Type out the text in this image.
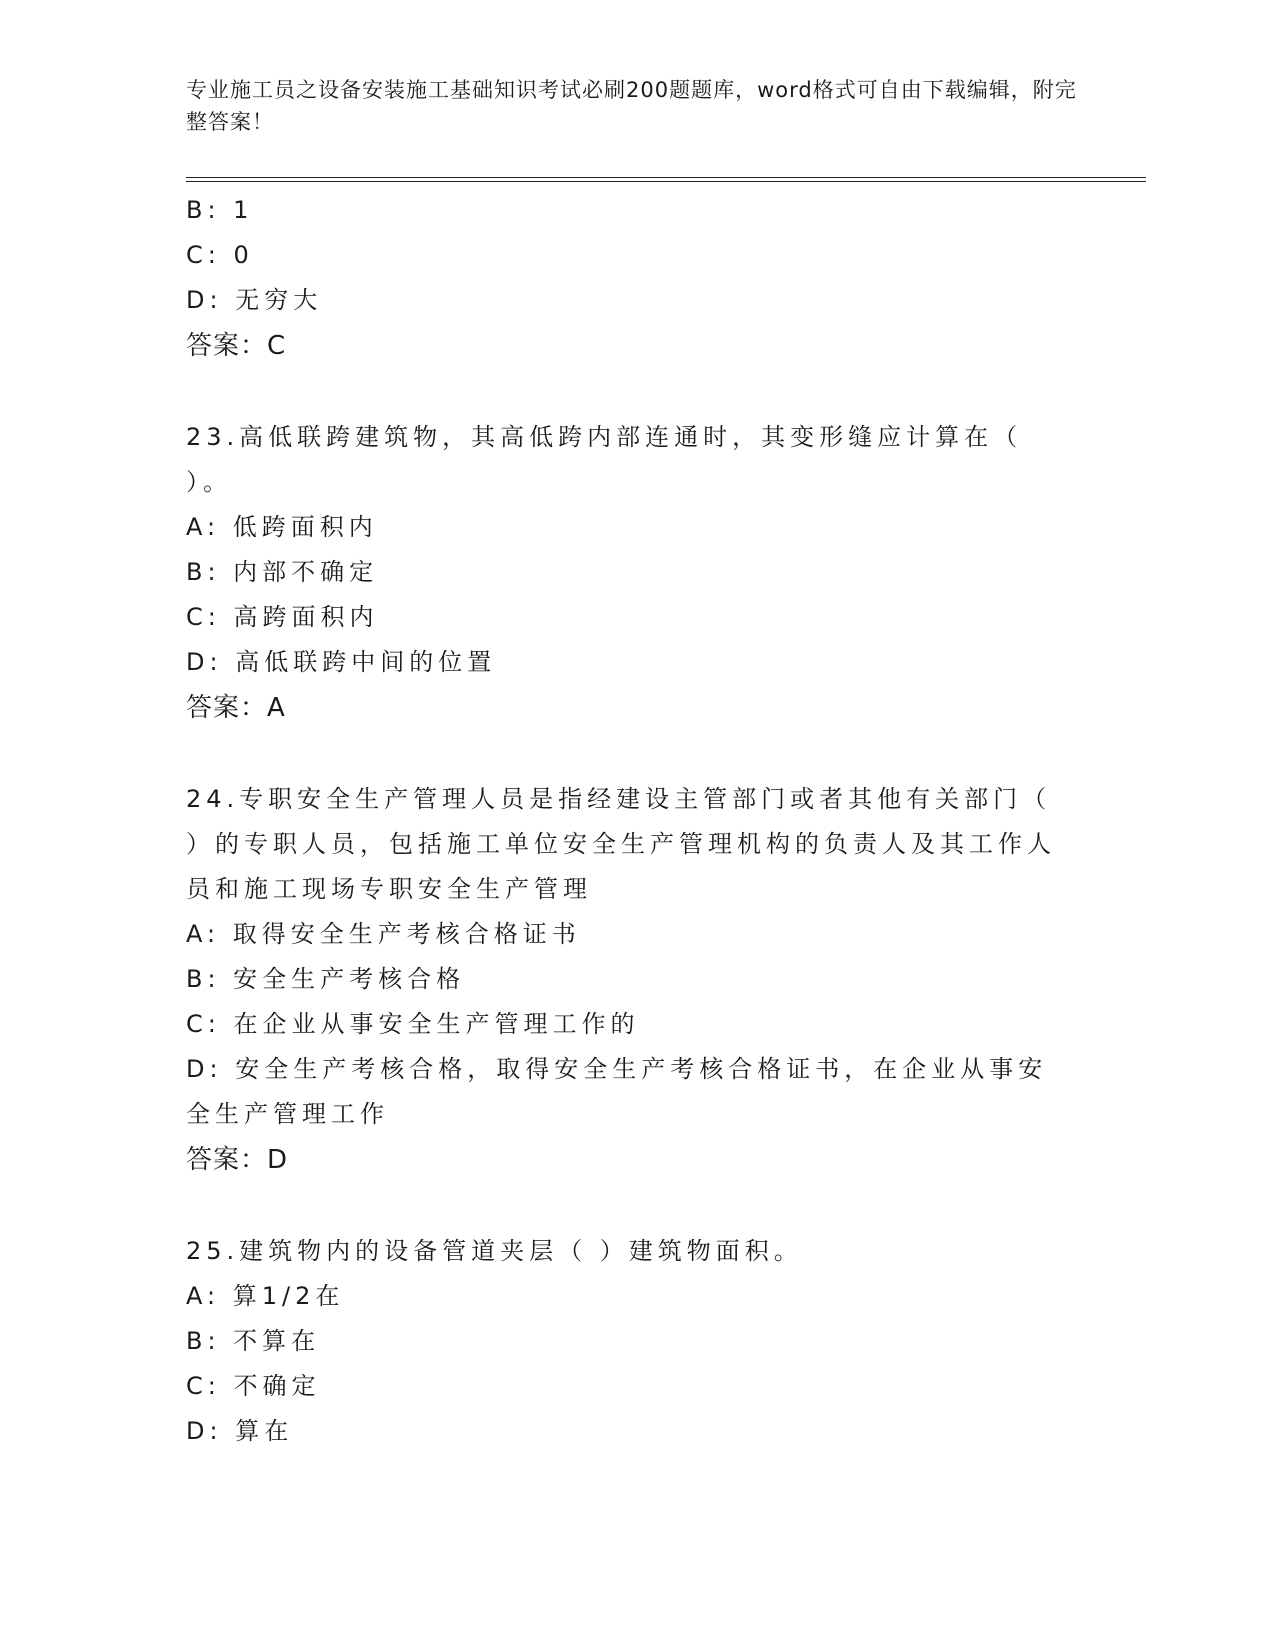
专业施工员之设备安装施工基础知识考试必刷200题题库，word格式可自由下载编辑，附完整答案！
B: 1
C: 0
D: 无穷大
答案：C
23.高低联跨建筑物，其高低跨内部连通时，其变形缝应计算在（ ）。
A: 低跨面积内
B: 内部不确定
C: 高跨面积内
D: 高低联跨中间的位置
答案：A
24.专职安全生产管理人员是指经建设主管部门或者其他有关部门（ ）的专职人员，包括施工单位安全生产管理机构的负责人及其工作人员和施工现场专职安全生产管理
A: 取得安全生产考核合格证书
B: 安全生产考核合格
C: 在企业从事安全生产管理工作的
D: 安全生产考核合格，取得安全生产考核合格证书，在企业从事安全生产管理工作
答案：D
25.建筑物内的设备管道夹层（ ）建筑物面积。
A: 算1/2在
B: 不算在
C: 不确定
D: 算在
